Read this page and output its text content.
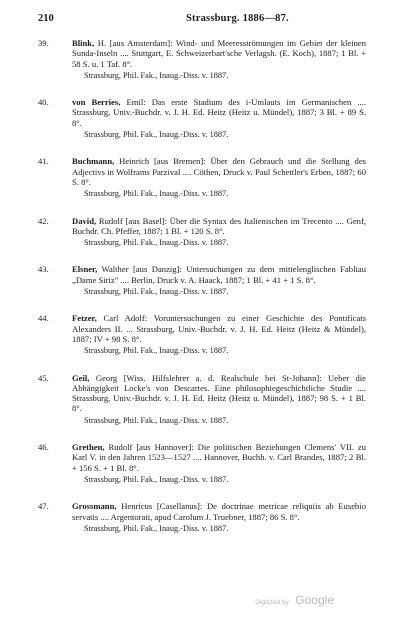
210	Strassburg. 1886—87.
39.	Blink, H. [aus Amsterdam]: Wind- und Meeresströmungen im Gebiet der kleinen Sunda-Inseln .... Stuttgart, E. Schweizerbart'sche Verlagsh. (E. Koch), 1887; 1 Bl. + 58 S. u. 1 Taf. 8°.
Strassburg, Phil. Fak., Inaug.-Diss. v. 1887.
40.	von Berries, Emil: Das erste Stadium des i-Umlauts im Germanischen .... Strassburg, Univ.-Buchdr. v. J. H. Ed. Heitz (Heitz u. Mündel), 1887; 3 Bl. + 89 S. 8°.
Strassburg, Phil. Fak., Inaug.-Diss. v. 1887.
41.	Buchmann, Heinrich [aus Bremen]: Über den Gebrauch und die Stellung des Adjectivs in Wolframs Parzival .... Cöthen, Druck v. Paul Schettler's Erben, 1887; 60 S. 8°.
Strassburg, Phil. Fak., Inaug.-Diss. v. 1887.
42.	David, Rudolf [aus Basel]: Über die Syntax des Italienischen im Trecento .... Genf, Buchdr. Ch. Pfeffer, 1887; 1 Bl. + 120 S. 8°.
Strassburg, Phil. Fak., Inaug.-Diss. v. 1887.
43.	Elsner, Walther [aus Danzig]: Untersuchungen zu dem mittelenglischen Fabliau „Dame Siriz" .... Berlin, Druck v. A. Haack, 1887; 1 Bl. + 41 + 1 S. 8°.
Strassburg, Phil. Fak., Inaug.-Diss. v. 1887.
44.	Fetzer, Carl Adolf: Voruntersuchungen zu einer Geschichte des Pontificats Alexanders II. ... Strassburg, Univ.-Buchdr. v. J. H. Ed. Heitz (Heitz & Mündel), 1887; IV + 98 S. 8°.
Strassburg, Phil. Fak., Inaug.-Diss. v. 1887.
45.	Geil, Georg [Wiss. Hilfslehrer a. d. Realschule bei St-Johann]: Ueber die Abhängigkeit Locke's von Descartes. Eine philosophiegeschichtliche Studie .... Strassburg, Univ.-Buchdr. v. J. H. Ed. Heitz (Heitz u. Mündel), 1887; 98 S. + 1 Bl. 8°.
Strassburg, Phil. Fak., Inaug.-Diss. v. 1887.
46.	Grethen, Rudolf [aus Hannover]: Die politischen Beziehungen Clemens' VII. zu Karl V. in den Jahren 1523—1527 .... Hannover, Buchh. v. Carl Brandes, 1887; 2 Bl. + 156 S. + 1 Bl. 8°.
Strassburg, Phil. Fak., Inaug.-Diss. v. 1887.
47.	Grossmann, Henricus [Casellanus]: De doctrinae metricae reliquiis ab Eusebio servatis .... Argentorati, apud Carolum J. Truebner, 1887; 86 S. 8°.
Strassburg, Phil. Fak., Inaug.-Diss. v. 1887.
Digitized by Google
